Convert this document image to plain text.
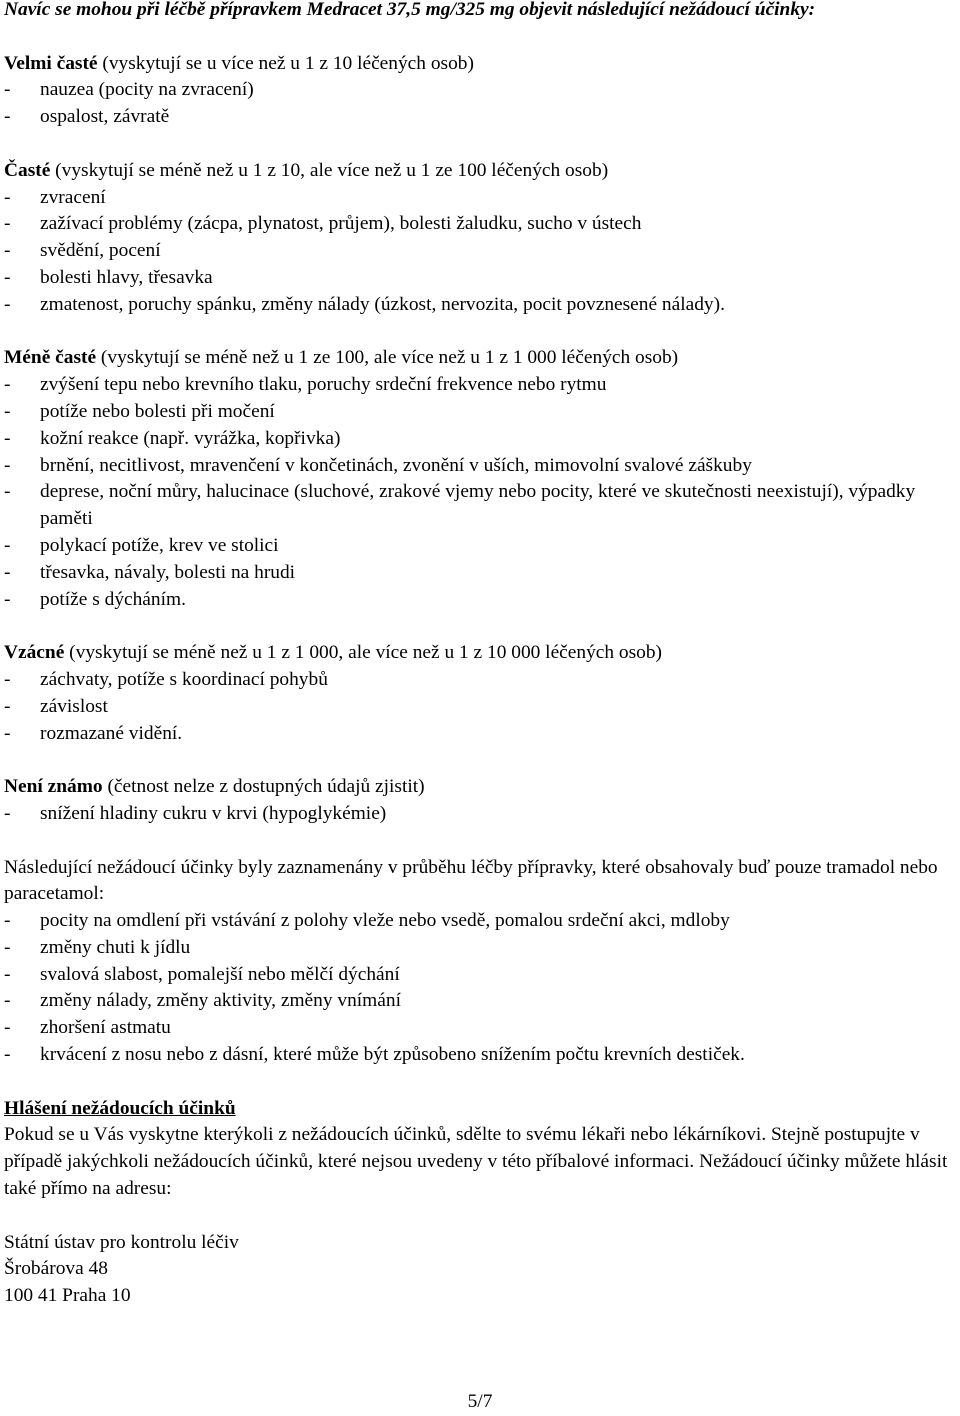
Navíc se mohou při léčbě přípravkem Medracet 37,5 mg/325 mg objevit následující nežádoucí účinky:

Velmi časté (vyskytují se u více než u 1 z 10 léčených osob)

-	nauzea (pocity na zvracení)
-	ospalost, závratě

Časté (vyskytují se méně než u 1 z 10, ale více než u 1 ze 100 léčených osob)

-	zvracení
-	zažívací problémy (zácpa, plynatost, průjem), bolesti žaludku, sucho v ústech
-	svědění, pocení
-	bolesti hlavy, třesavka
-	zmatenost, poruchy spánku, změny nálady (úzkost, nervozita, pocit povznesené nálady).

Méně časté (vyskytují se méně než u 1 ze 100, ale více než u 1 z 1 000 léčených osob)

-	zvýšení tepu nebo krevního tlaku, poruchy srdeční frekvence nebo rytmu
-	potíže nebo bolesti při močení
-	kožní reakce (např. vyrážka, kopřivka)
-	brnění, necitlivost, mravenčení v končetinách, zvonění v uších, mimovolní svalové záškuby
-	deprese, noční můry, halucinace (sluchové, zrakové vjemy nebo pocity, které ve skutečnosti neexistují), výpadky paměti
-	polykací potíže, krev ve stolici
-	třesavka, návaly, bolesti na hrudi
-	potíže s dýcháním.

Vzácné (vyskytují se méně než u 1 z 1 000, ale více než u 1 z 10 000 léčených osob)

-	záchvaty, potíže s koordinací pohybů
-	závislost
-	rozmazané vidění.

Není známo (četnost nelze z dostupných údajů zjistit)

-	snížení hladiny cukru v krvi (hypoglykémie)

Následující nežádoucí účinky byly zaznamenány v průběhu léčby přípravky, které obsahovaly buď pouze tramadol nebo paracetamol:

-	pocity na omdlení při vstávání z polohy vleže nebo vsedě, pomalou srdeční akci, mdloby
-	změny chuti k jídlu
-	svalová slabost, pomalejší nebo mělčí dýchání
-	změny nálady, změny aktivity, změny vnímání
-	zhoršení astmatu
-	krvácení z nosu nebo z dásní, které může být způsobeno snížením počtu krevních destiček.

Hlášení nežádoucích účinků

Pokud se u Vás vyskytne kterýkoli z nežádoucích účinků, sdělte to svému lékaři nebo lékárníkovi. Stejně postupujte v případě jakýchkoli nežádoucích účinků, které nejsou uvedeny v této příbalové informaci. Nežádoucí účinky můžete hlásit také přímo na adresu:

Státní ústav pro kontrolu léčiv

Šrobárova 48

100 41 Praha 10

5/7
